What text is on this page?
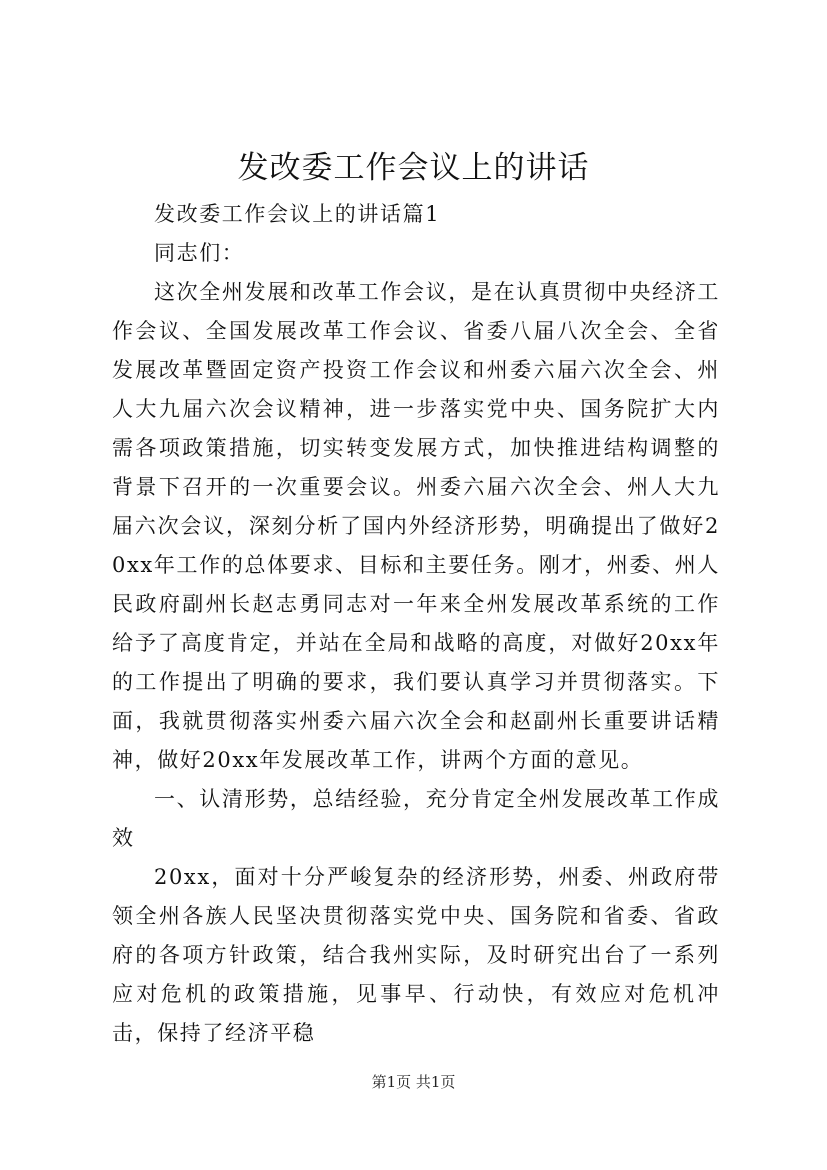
发改委工作会议上的讲话

发改委工作会议上的讲话篇1

同志们：

这次全州发展和改革工作会议，是在认真贯彻中央经济工作会议、全国发展改革工作会议、省委八届八次全会、全省发展改革暨固定资产投资工作会议和州委六届六次全会、州人大九届六次会议精神，进一步落实党中央、国务院扩大内需各项政策措施，切实转变发展方式，加快推进结构调整的背景下召开的一次重要会议。州委六届六次全会、州人大九届六次会议，深刻分析了国内外经济形势，明确提出了做好20xx年工作的总体要求、目标和主要任务。刚才，州委、州人民政府副州长赵志勇同志对一年来全州发展改革系统的工作给予了高度肯定，并站在全局和战略的高度，对做好20xx年的工作提出了明确的要求，我们要认真学习并贯彻落实。下面，我就贯彻落实州委六届六次全会和赵副州长重要讲话精神，做好20xx年发展改革工作，讲两个方面的意见。

一、认清形势，总结经验，充分肯定全州发展改革工作成效

20xx，面对十分严峻复杂的经济形势，州委、州政府带领全州各族人民坚决贯彻落实党中央、国务院和省委、省政府的各项方针政策，结合我州实际，及时研究出台了一系列应对危机的政策措施，见事早、行动快，有效应对危机冲击，保持了经济平稳

第1页 共1页
